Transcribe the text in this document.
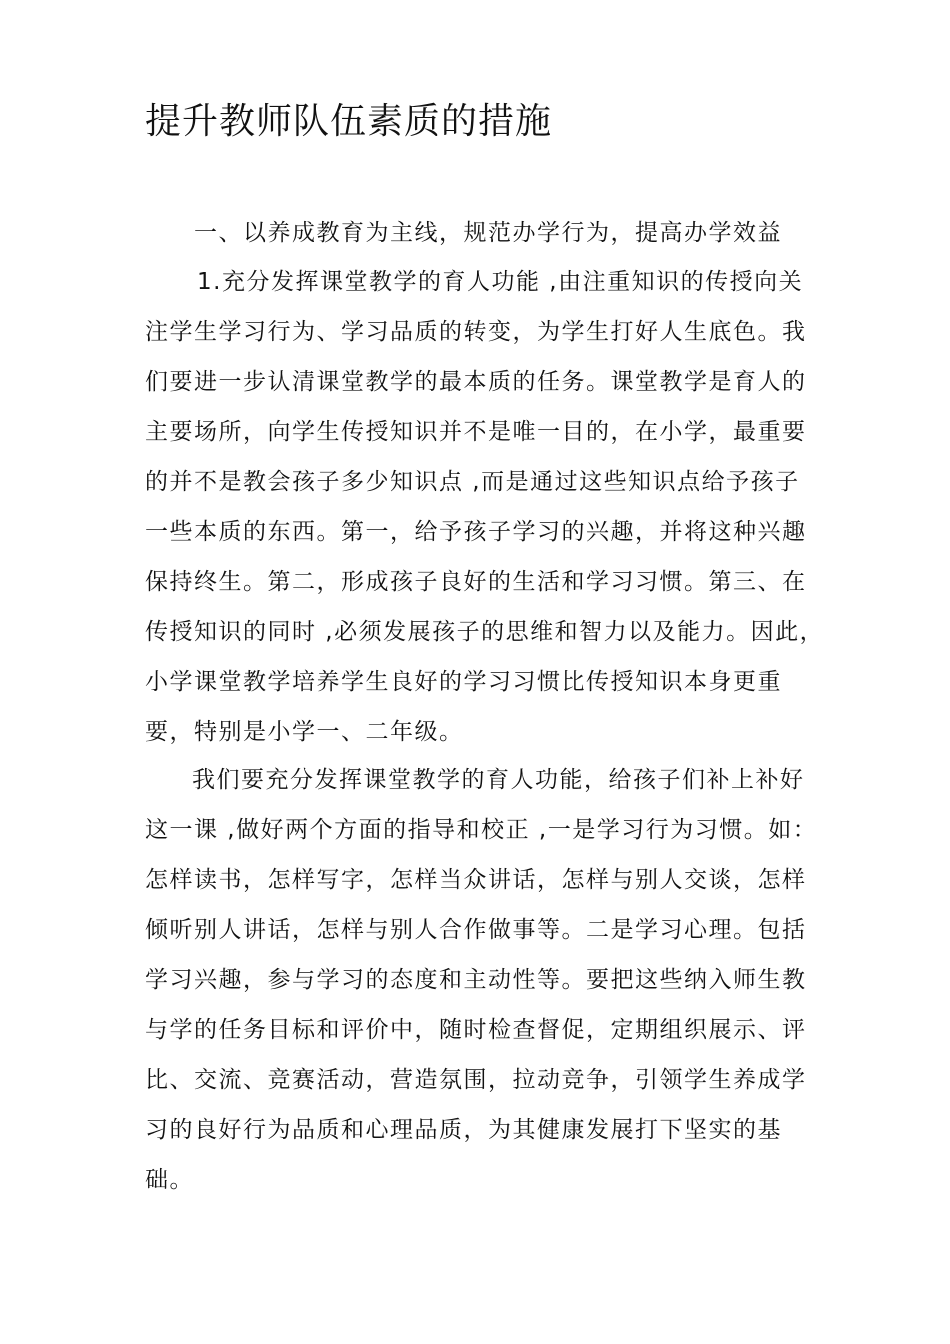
提升教师队伍素质的措施
一、以养成教育为主线，规范办学行为，提高办学效益
1.充分发挥课堂教学的育人功能 ,由注重知识的传授向关
注学生学习行为、学习品质的转变，为学生打好人生底色。我
们要进一步认清课堂教学的最本质的任务。课堂教学是育人的
主要场所，向学生传授知识并不是唯一目的，在小学，最重要
的并不是教会孩子多少知识点 ,而是通过这些知识点给予孩子
一些本质的东西。第一，给予孩子学习的兴趣，并将这种兴趣
保持终生。第二，形成孩子良好的生活和学习习惯。第三、在
传授知识的同时 ,必须发展孩子的思维和智力以及能力。因此，
小学课堂教学培养学生良好的学习习惯比传授知识本身更重
要，特别是小学一、二年级。
我们要充分发挥课堂教学的育人功能，给孩子们补上补好
这一课 ,做好两个方面的指导和校正 ,一是学习行为习惯。如：
怎样读书，怎样写字，怎样当众讲话，怎样与别人交谈，怎样
倾听别人讲话，怎样与别人合作做事等。二是学习心理。包括
学习兴趣，参与学习的态度和主动性等。要把这些纳入师生教
与学的任务目标和评价中，随时检查督促，定期组织展示、评
比、交流、竞赛活动，营造氛围，拉动竞争，引领学生养成学
习的良好行为品质和心理品质，为其健康发展打下坚实的基
础。
